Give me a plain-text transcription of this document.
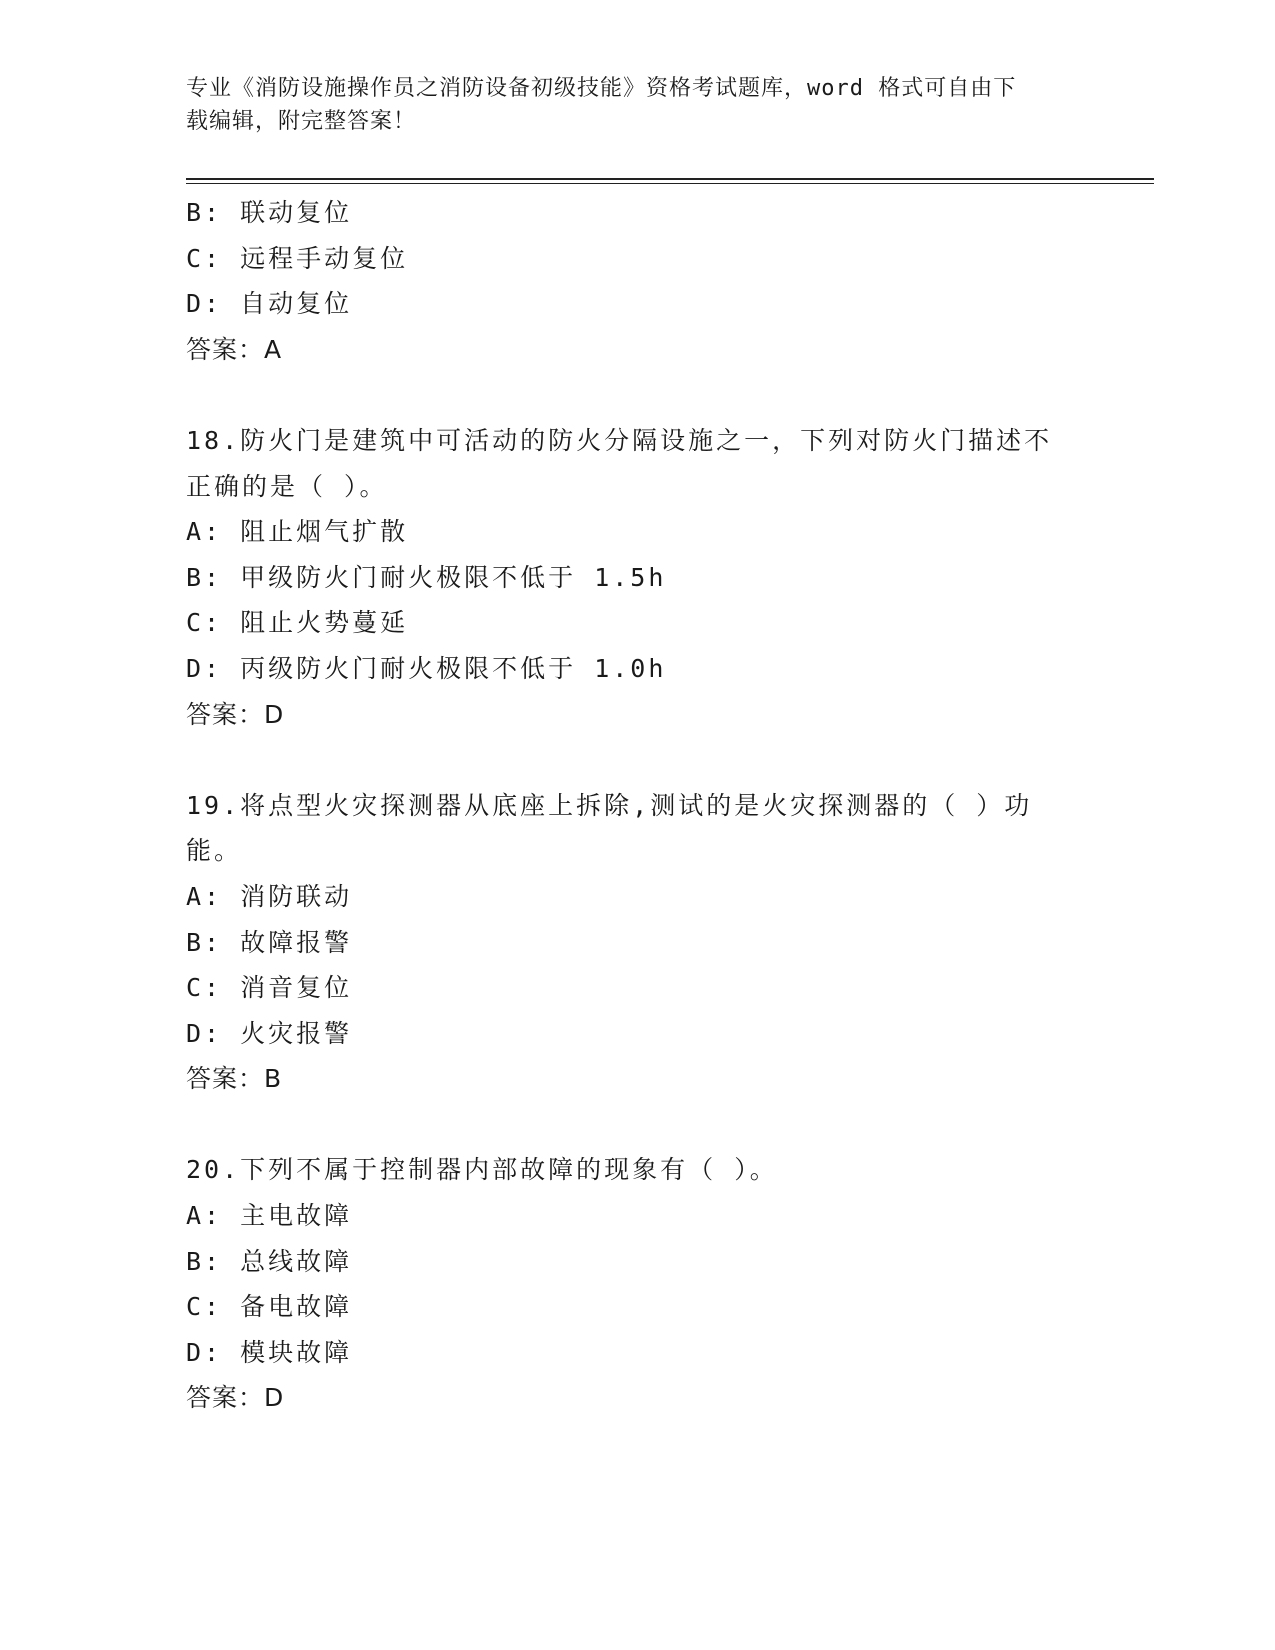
专业《消防设施操作员之消防设备初级技能》资格考试题库，word 格式可自由下
载编辑，附完整答案！
B: 联动复位
C: 远程手动复位
D: 自动复位
答案：A
18.防火门是建筑中可活动的防火分隔设施之一，下列对防火门描述不
正确的是（ ）。
A: 阻止烟气扩散
B: 甲级防火门耐火极限不低于 1.5h
C: 阻止火势蔓延
D: 丙级防火门耐火极限不低于 1.0h
答案：D
19.将点型火灾探测器从底座上拆除,测试的是火灾探测器的（ ）功
能。
A: 消防联动
B: 故障报警
C: 消音复位
D: 火灾报警
答案：B
20.下列不属于控制器内部故障的现象有（ ）。
A: 主电故障
B: 总线故障
C: 备电故障
D: 模块故障
答案：D
